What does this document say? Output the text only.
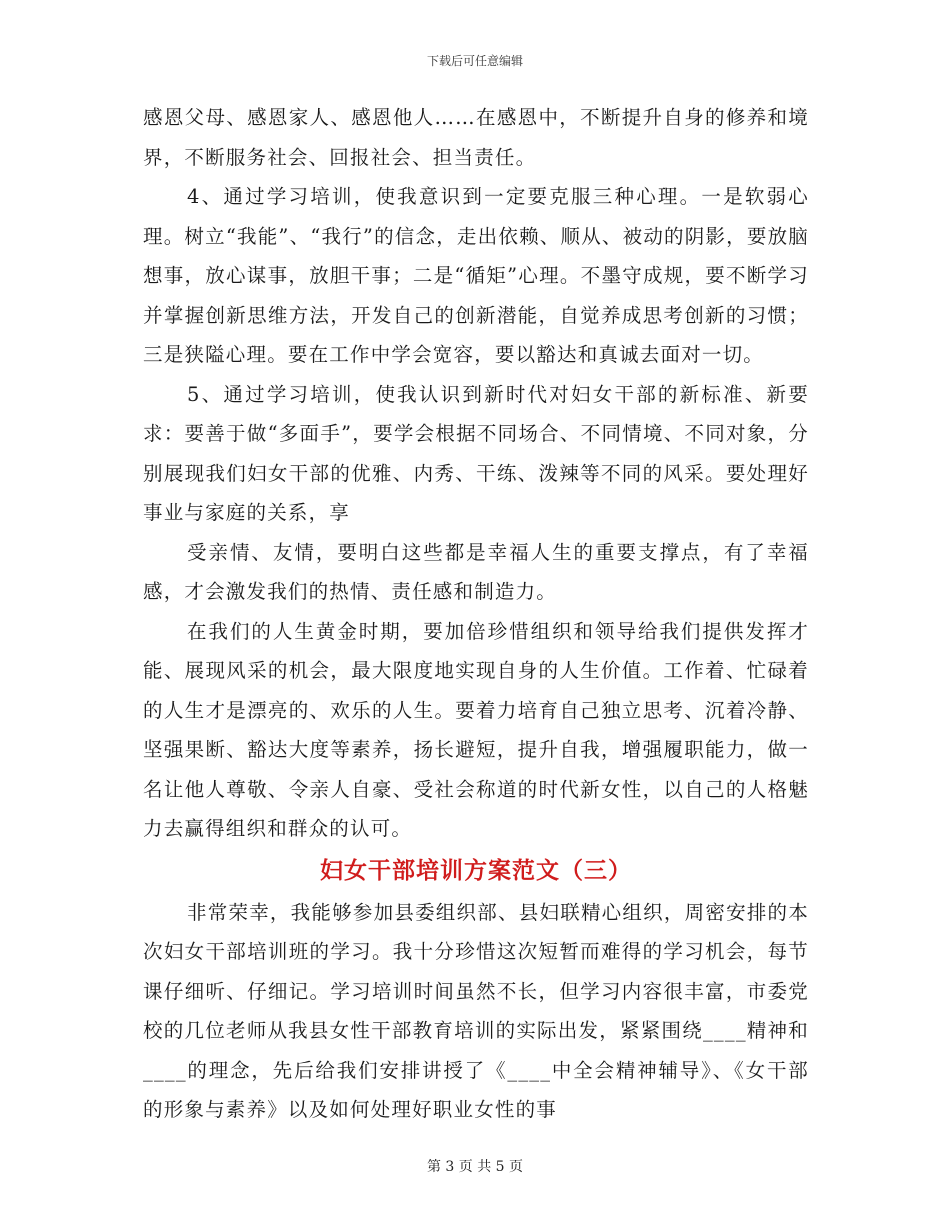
下载后可任意编辑

感恩父母、感恩家人、感恩他人……在感恩中，不断提升自身的修养和境界，不断服务社会、回报社会、担当责任。

4、通过学习培训，使我意识到一定要克服三种心理。一是软弱心理。树立“我能”、“我行”的信念，走出依赖、顺从、被动的阴影，要放脑想事，放心谋事，放胆干事；二是“循矩”心理。不墨守成规，要不断学习并掌握创新思维方法，开发自己的创新潜能，自觉养成思考创新的习惯；三是狭隘心理。要在工作中学会宽容，要以豁达和真诚去面对一切。

5、通过学习培训，使我认识到新时代对妇女干部的新标准、新要求：要善于做“多面手”，要学会根据不同场合、不同情境、不同对象，分别展现我们妇女干部的优雅、内秀、干练、泼辣等不同的风采。要处理好事业与家庭的关系，享

受亲情、友情，要明白这些都是幸福人生的重要支撑点，有了幸福感，才会激发我们的热情、责任感和制造力。

在我们的人生黄金时期，要加倍珍惜组织和领导给我们提供发挥才能、展现风采的机会，最大限度地实现自身的人生价值。工作着、忙碌着的人生才是漂亮的、欢乐的人生。要着力培育自己独立思考、沉着冷静、坚强果断、豁达大度等素养，扬长避短，提升自我，增强履职能力，做一名让他人尊敬、令亲人自豪、受社会称道的时代新女性，以自己的人格魅力去赢得组织和群众的认可。

妇女干部培训方案范文（三）

非常荣幸，我能够参加县委组织部、县妇联精心组织，周密安排的本次妇女干部培训班的学习。我十分珍惜这次短暂而难得的学习机会，每节课仔细听、仔细记。学习培训时间虽然不长，但学习内容很丰富，市委党校的几位老师从我县女性干部教育培训的实际出发，紧紧围绕____精神和____的理念，先后给我们安排讲授了《____中全会精神辅导》、《女干部的形象与素养》以及如何处理好职业女性的事

第 3 页 共 5 页
